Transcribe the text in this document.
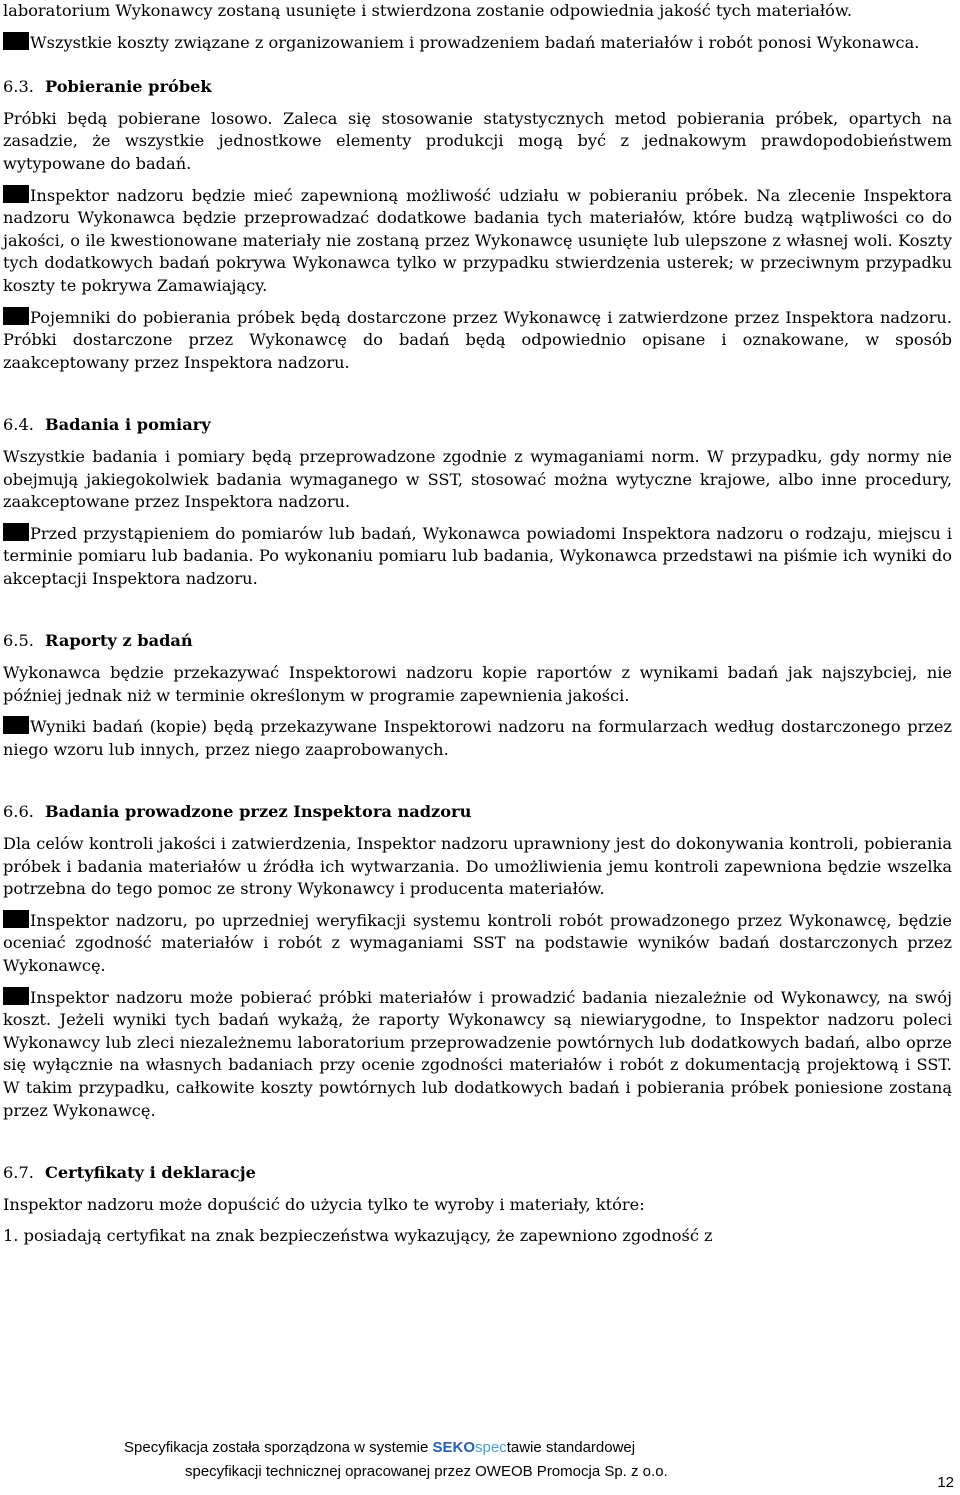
laboratorium Wykonawcy zostaną usunięte i stwierdzona zostanie odpowiednia jakość tych materiałów.

Wszystkie koszty związane z organizowaniem i prowadzeniem badań materiałów i robót ponosi Wykonawca.

6.3. Pobieranie próbek

Próbki będą pobierane losowo. Zaleca się stosowanie statystycznych metod pobierania próbek, opartych na zasadzie, że wszystkie jednostkowe elementy produkcji mogą być z jednakowym prawdopodobieństwem wytypowane do badań.

Inspektor nadzoru będzie mieć zapewnioną możliwość udziału w pobieraniu próbek. Na zlecenie Inspektora nadzoru Wykonawca będzie przeprowadzać dodatkowe badania tych materiałów, które budzą wątpliwości co do jakości, o ile kwestionowane materiały nie zostaną przez Wykonawcę usunięte lub ulepszone z własnej woli. Koszty tych dodatkowych badań pokrywa Wykonawca tylko w przypadku stwierdzenia usterek; w przeciwnym przypadku koszty te pokrywa Zamawiający.

Pojemniki do pobierania próbek będą dostarczone przez Wykonawcę i zatwierdzone przez Inspektora nadzoru. Próbki dostarczone przez Wykonawcę do badań będą odpowiednio opisane i oznakowane, w sposób zaakceptowany przez Inspektora nadzoru.

6.4. Badania i pomiary

Wszystkie badania i pomiary będą przeprowadzone zgodnie z wymaganiami norm. W przypadku, gdy normy nie obejmują jakiegokolwiek badania wymaganego w SST, stosować można wytyczne krajowe, albo inne procedury, zaakceptowane przez Inspektora nadzoru.

Przed przystąpieniem do pomiarów lub badań, Wykonawca powiadomi Inspektora nadzoru o rodzaju, miejscu i terminie pomiaru lub badania. Po wykonaniu pomiaru lub badania, Wykonawca przedstawi na piśmie ich wyniki do akceptacji Inspektora nadzoru.

6.5. Raporty z badań

Wykonawca będzie przekazywać Inspektorowi nadzoru kopie raportów z wynikami badań jak najszybciej, nie później jednak niż w terminie określonym w programie zapewnienia jakości.

Wyniki badań (kopie) będą przekazywane Inspektorowi nadzoru na formularzach według dostarczonego przez niego wzoru lub innych, przez niego zaaprobowanych.

6.6. Badania prowadzone przez Inspektora nadzoru

Dla celów kontroli jakości i zatwierdzenia, Inspektor nadzoru uprawniony jest do dokonywania kontroli, pobierania próbek i badania materiałów u źródła ich wytwarzania. Do umożliwienia jemu kontroli zapewniona będzie wszelka potrzebna do tego pomoc ze strony Wykonawcy i producenta materiałów.

Inspektor nadzoru, po uprzedniej weryfikacji systemu kontroli robót prowadzonego przez Wykonawcę, będzie oceniać zgodność materiałów i robót z wymaganiami SST na podstawie wyników badań dostarczonych przez Wykonawcę.

Inspektor nadzoru może pobierać próbki materiałów i prowadzić badania niezależnie od Wykonawcy, na swój koszt. Jeżeli wyniki tych badań wykażą, że raporty Wykonawcy są niewiarygodne, to Inspektor nadzoru poleci Wykonawcy lub zleci niezależnemu laboratorium przeprowadzenie powtórnych lub dodatkowych badań, albo oprze się wyłącznie na własnych badaniach przy ocenie zgodności materiałów i robót z dokumentacją projektową i SST. W takim przypadku, całkowite koszty powtórnych lub dodatkowych badań i pobierania próbek poniesione zostaną przez Wykonawcę.

6.7. Certyfikaty i deklaracje

Inspektor nadzoru może dopuścić do użycia tylko te wyroby i materiały, które:

1. posiadają certyfikat na znak bezpieczeństwa wykazujący, że zapewniono zgodność z

Specyfikacja została sporządzona w systemie SEKOspectawie standardowej
specyfikacji technicznej opracowanej przez OWEOB Promocja Sp. z o.o.
12
